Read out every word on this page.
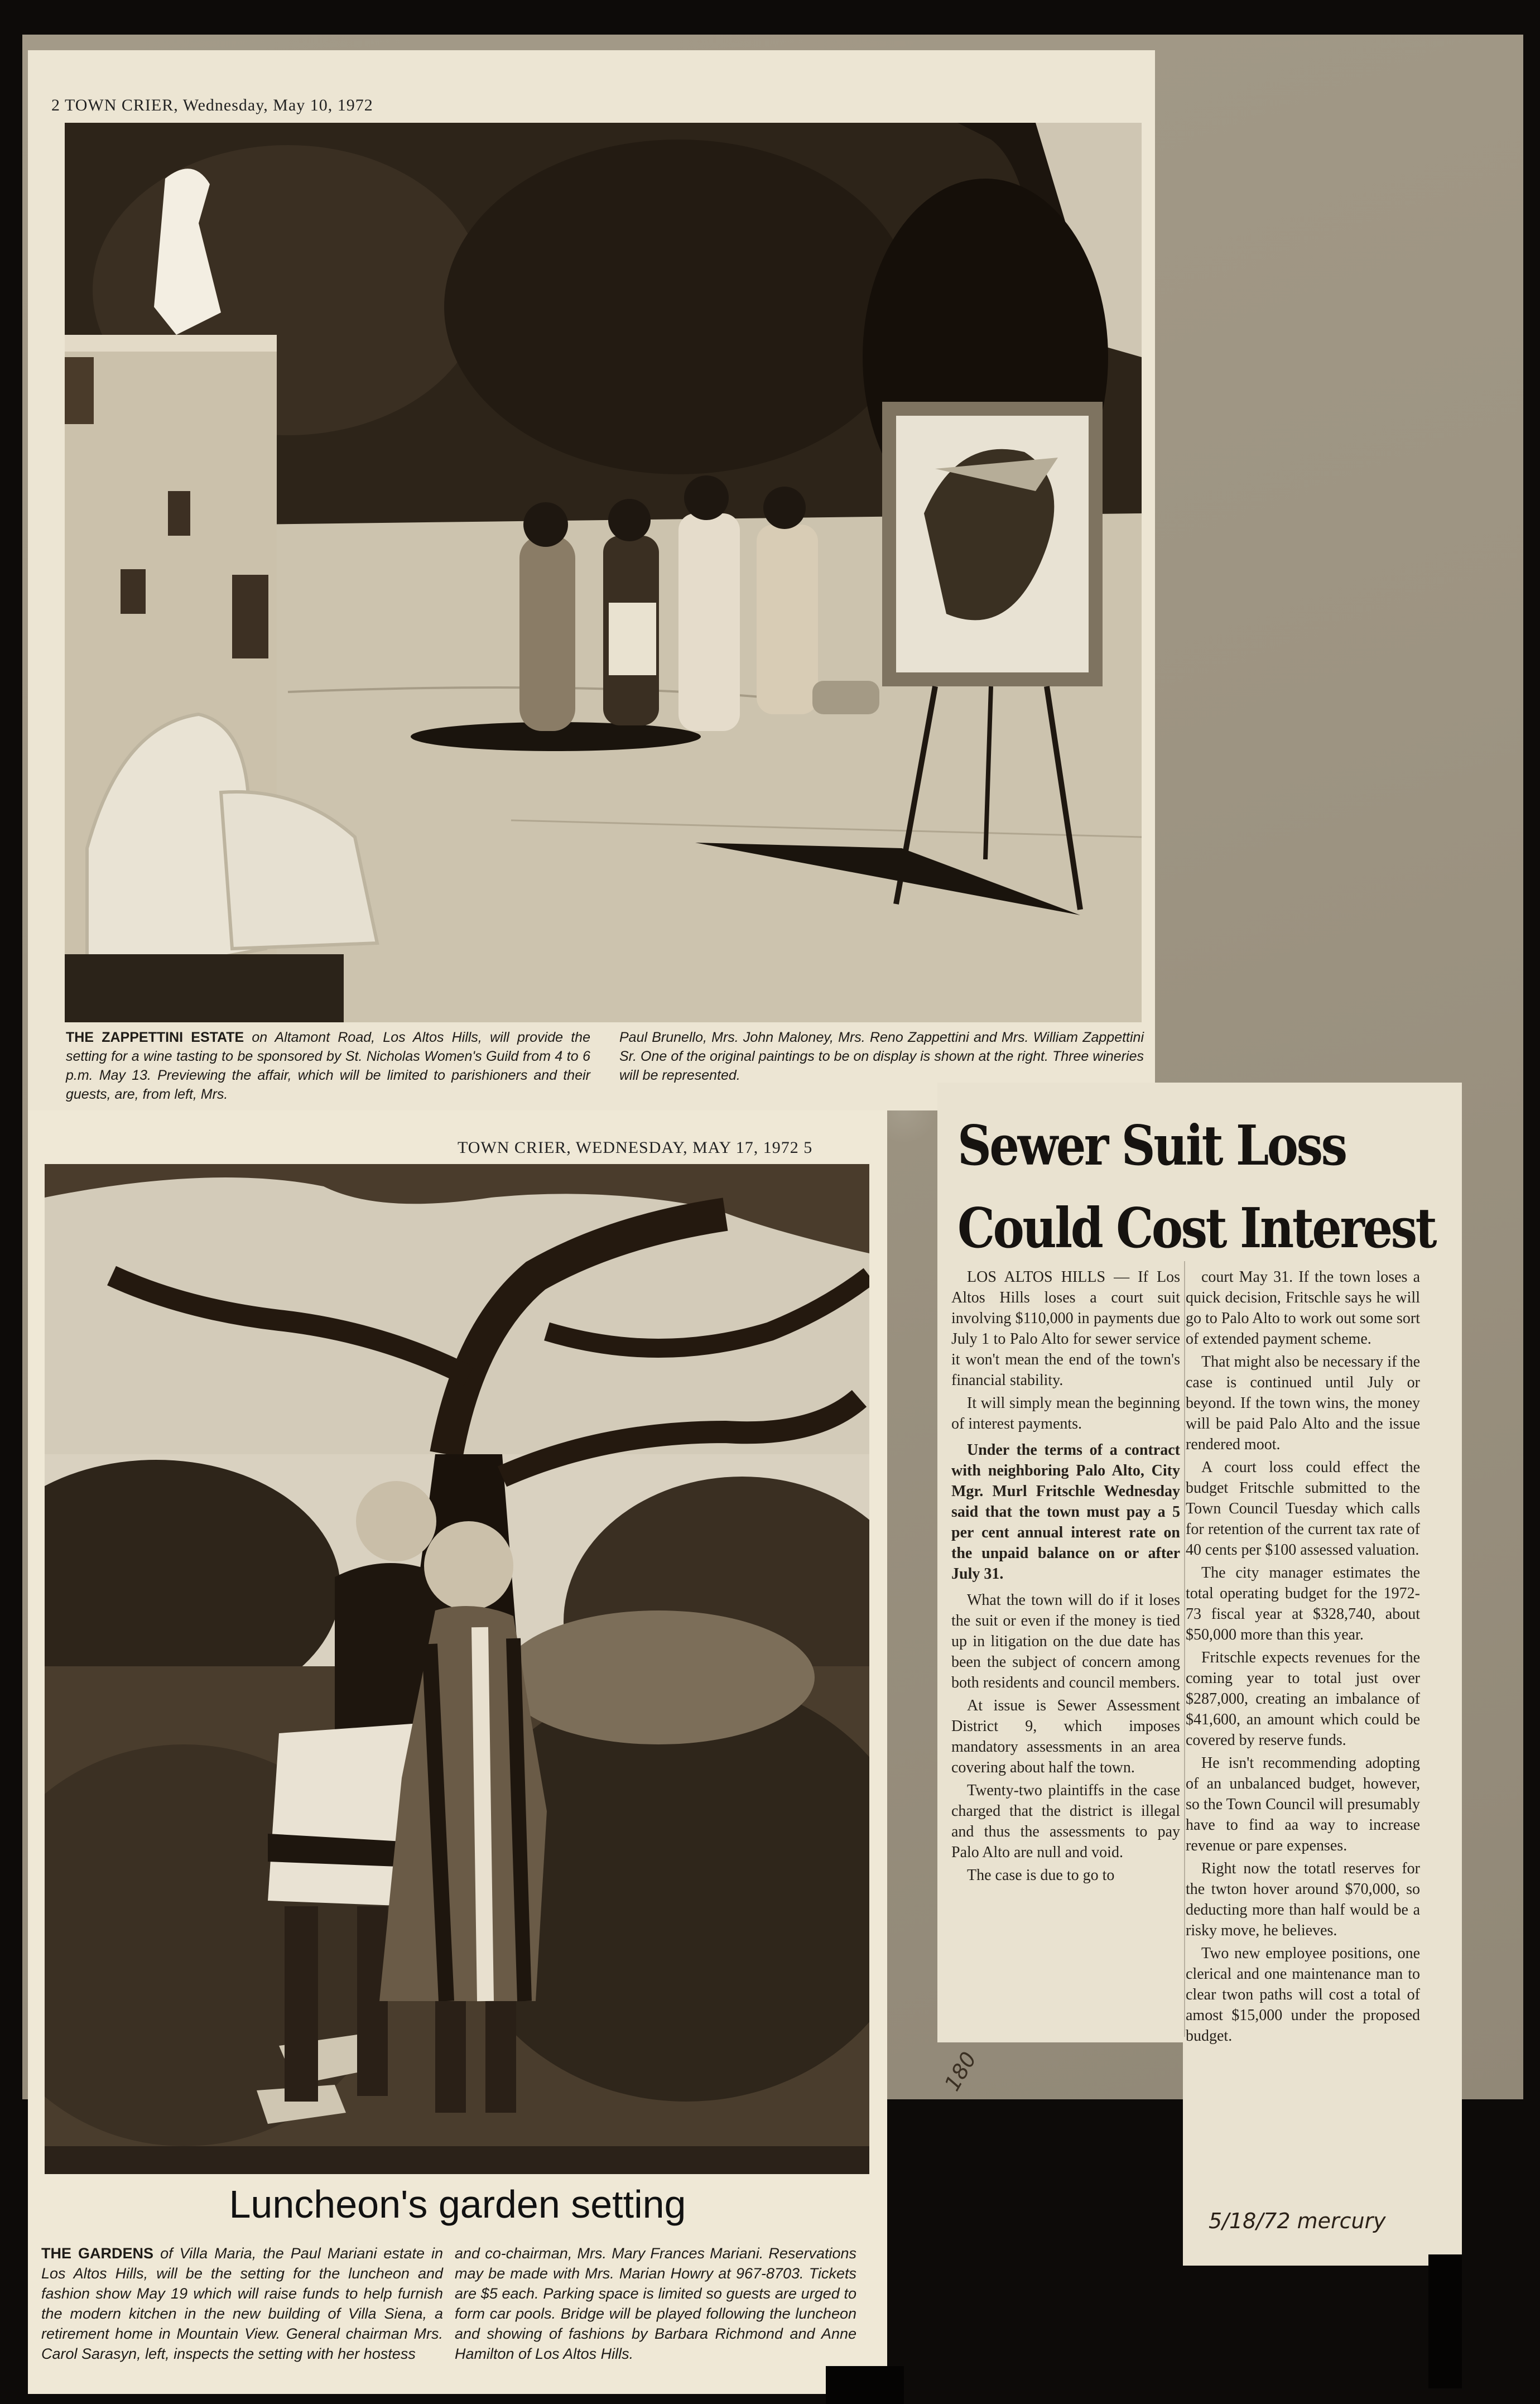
2 TOWN CRIER, Wednesday, May 10, 1972
THE ZAPPETTINI ESTATE on Altamont Road, Los Altos Hills, will provide the setting for a wine tasting to be sponsored by St. Nicholas Women's Guild from 4 to 6 p.m. May 13. Previewing the affair, which will be limited to parishioners and their guests, are, from left, Mrs.
Paul Brunello, Mrs. John Maloney, Mrs. Reno Zappettini and Mrs. William Zappettini Sr. One of the original paintings to be on display is shown at the right. Three wineries will be represented.
TOWN CRIER, WEDNESDAY, MAY 17, 1972 5
Luncheon's garden setting
THE GARDENS of Villa Maria, the Paul Mariani estate in Los Altos Hills, will be the setting for the luncheon and fashion show May 19 which will raise funds to help furnish the modern kitchen in the new building of Villa Siena, a retirement home in Mountain View. General chairman Mrs. Carol Sarasyn, left, inspects the setting with her hostess
and co-chairman, Mrs. Mary Frances Mariani. Reservations may be made with Mrs. Marian Howry at 967-8703. Tickets are $5 each. Parking space is limited so guests are urged to form car pools. Bridge will be played following the luncheon and showing of fashions by Barbara Richmond and Anne Hamilton of Los Altos Hills.
Sewer Suit Loss
Could Cost Interest

LOS ALTOS HILLS — If Los Altos Hills loses a court suit involving $110,000 in payments due July 1 to Palo Alto for sewer service it won't mean the end of the town's financial stability.

It will simply mean the beginning of interest payments.

Under the terms of a contract with neighboring Palo Alto, City Mgr. Murl Fritschle Wednesday said that the town must pay a 5 per cent annual interest rate on the unpaid balance on or after July 31.

What the town will do if it loses the suit or even if the money is tied up in litigation on the due date has been the subject of concern among both residents and council members.

At issue is Sewer Assessment District 9, which imposes mandatory assessments in an area covering about half the town.

Twenty-two plaintiffs in the case charged that the district is illegal and thus the assessments to pay Palo Alto are null and void.

The case is due to go to

court May 31. If the town loses a quick decision, Fritschle says he will go to Palo Alto to work out some sort of extended payment scheme.

That might also be necessary if the case is continued until July or beyond. If the town wins, the money will be paid Palo Alto and the issue rendered moot.

A court loss could effect the budget Fritschle submitted to the Town Council Tuesday which calls for retention of the current tax rate of 40 cents per $100 assessed valuation.

The city manager estimates the total operating budget for the 1972-73 fiscal year at $328,740, about $50,000 more than this year.

Fritschle expects revenues for the coming year to total just over $287,000, creating an imbalance of $41,600, an amount which could be covered by reserve funds.

He isn't recommending adopting of an unbalanced budget, however, so the Town Council will presumably have to find aa way to increase revenue or pare expenses.

Right now the totatl reserves for the twton hover around $70,000, so deducting more than half would be a risky move, he believes.

Two new employee positions, one clerical and one maintenance man to clear twon paths will cost a total of amost $15,000 under the proposed budget.

5/18/72 mercury
180
